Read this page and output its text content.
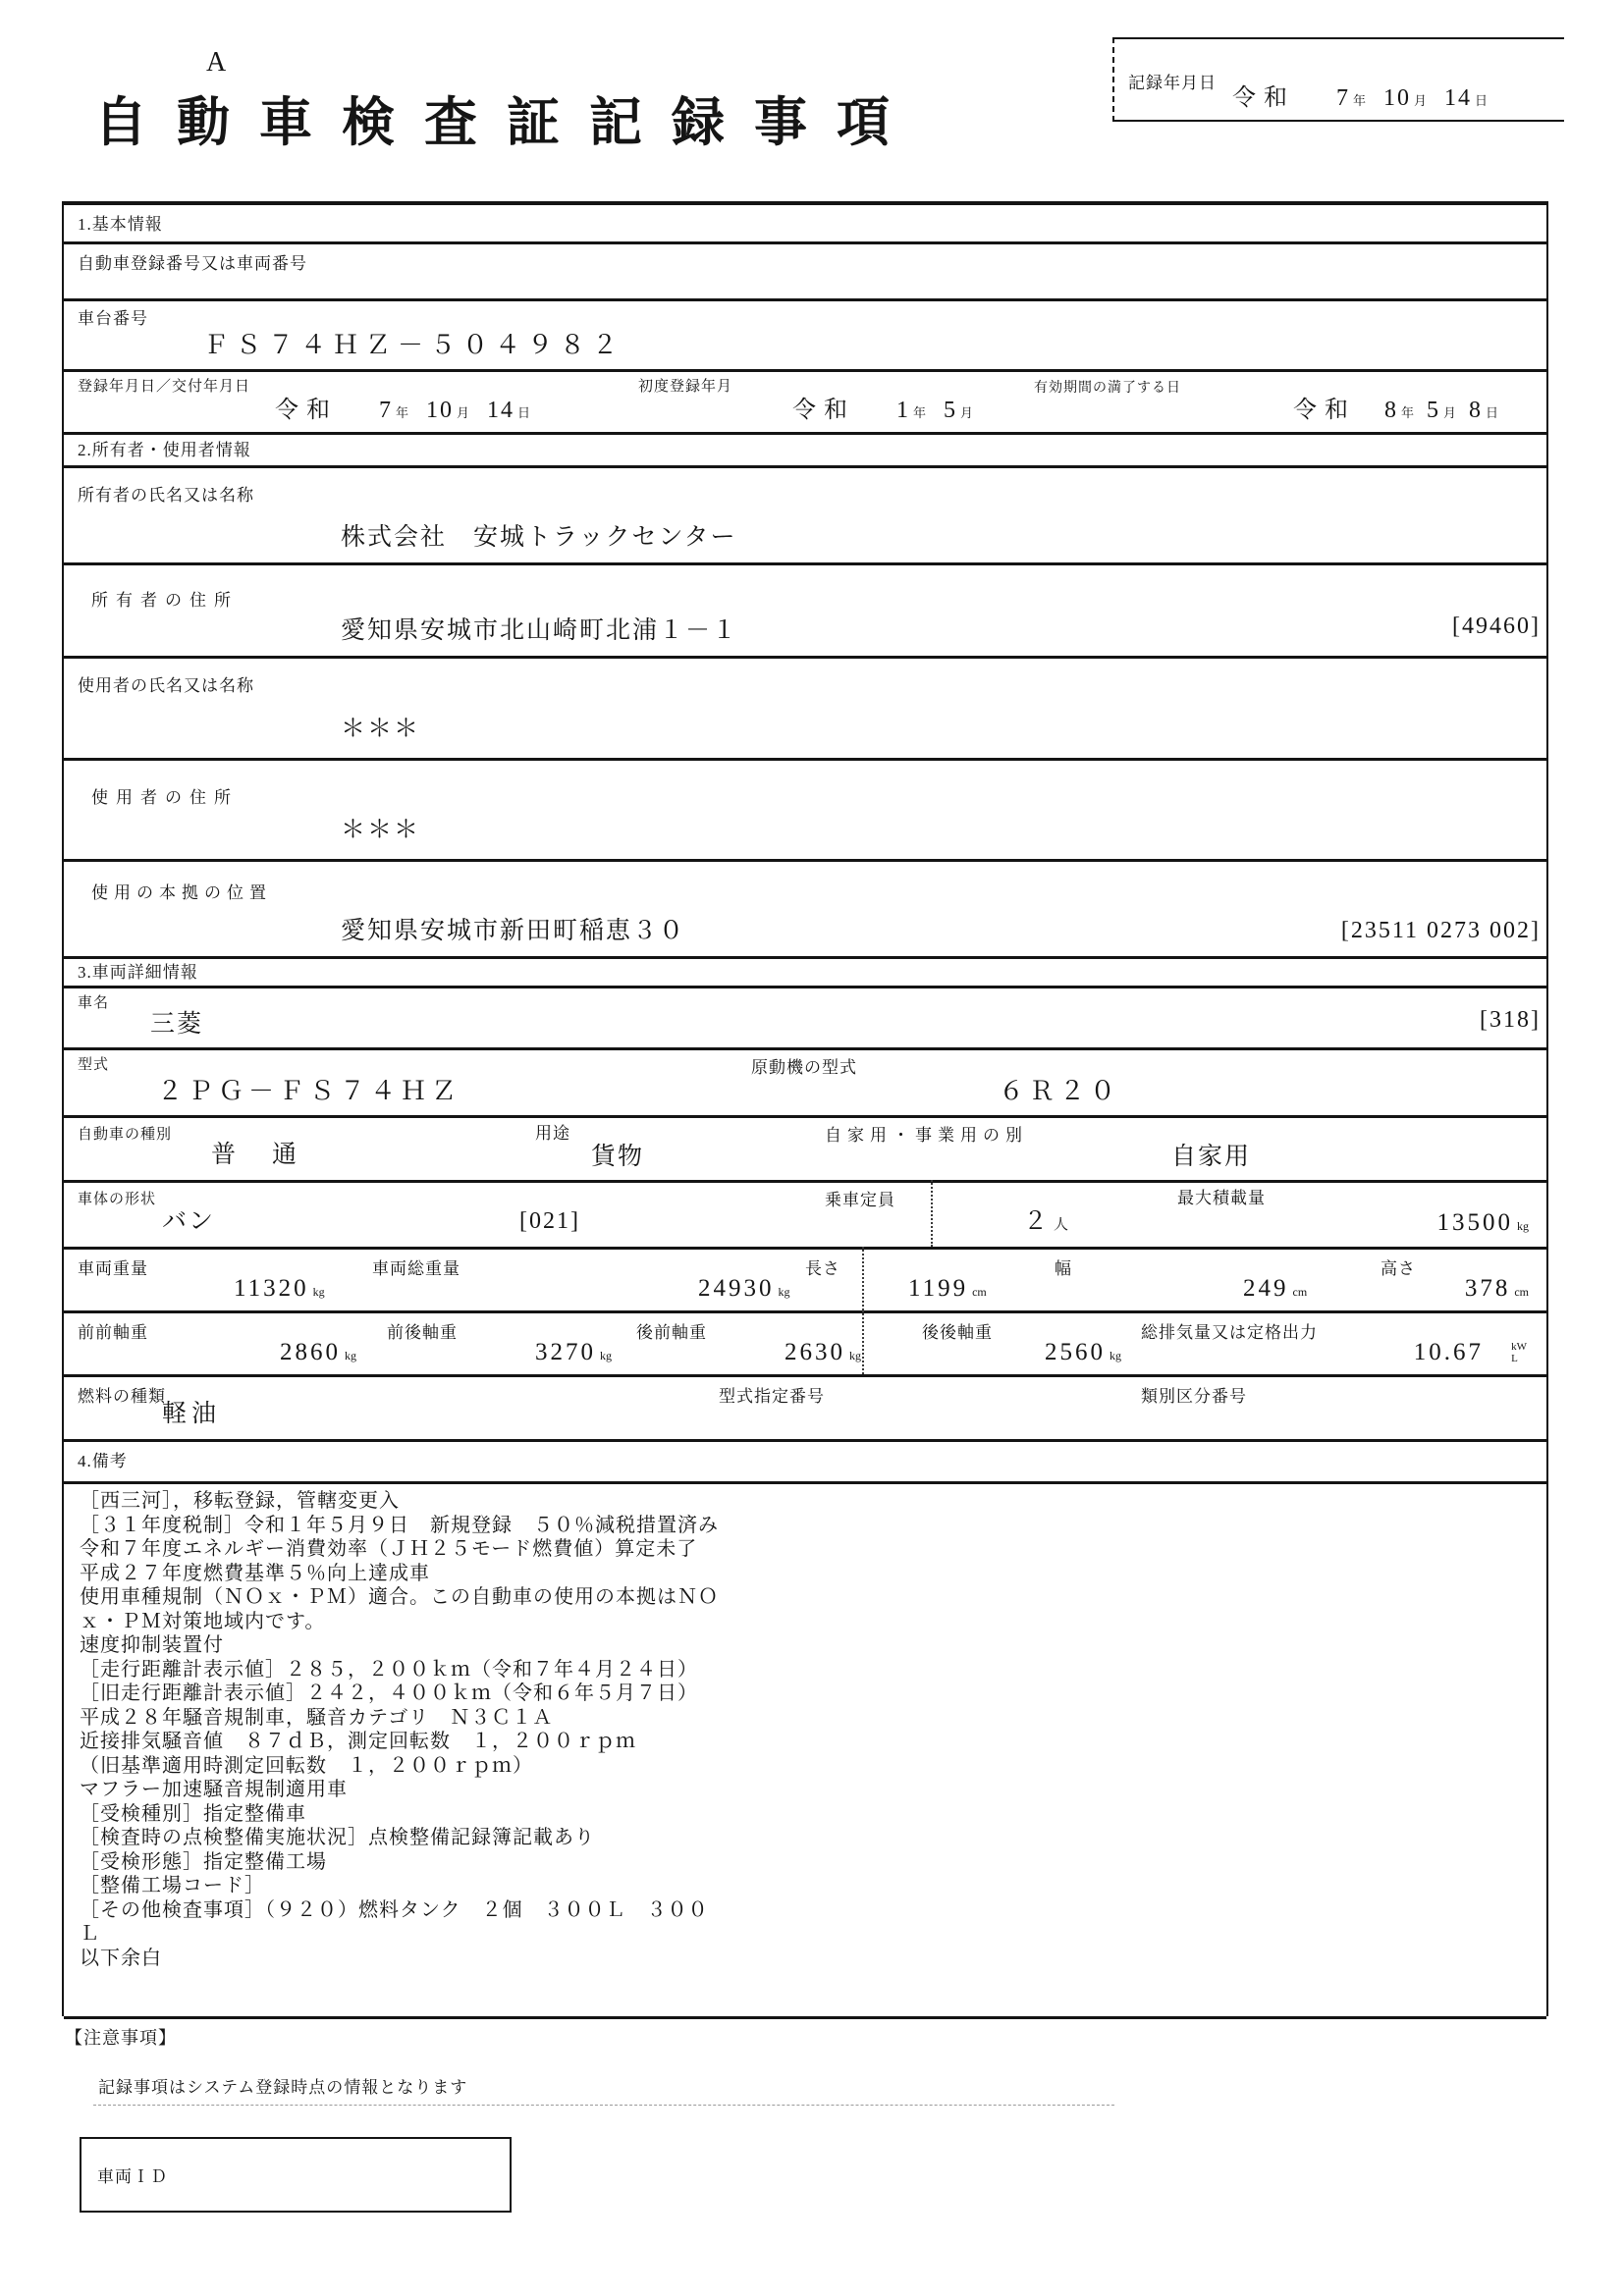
A
記録年月日
令和 7 年 10 月 14 日
自動車検査証記録事項
1.基本情報
自動車登録番号又は車両番号
車台番号
ＦＳ７４ＨＺ－５０４９８２
登録年月日／交付年月日
令和 7 年 10 月 14 日
初度登録年月
令和 1 年 5 月
有効期間の満了する日
令和 8 年 5 月 8 日
2.所有者・使用者情報
所有者の氏名又は名称
株式会社　安城トラックセンター
所有者の住所
愛知県安城市北山崎町北浦１－１	[49460]
使用者の氏名又は名称
＊＊＊
使用者の住所
＊＊＊
使用の本拠の位置
愛知県安城市新田町稲恵３０	[23511 0273 002]
3.車両詳細情報
車名
三菱	[318]
型式
２ＰＧ－ＦＳ７４ＨＺ
原動機の型式
６Ｒ２０
自動車の種別
普　通
用途
貨物
自家用・事業用の別
自家用
車体の形状
バン	[021]
乗車定員
２ 人
最大積載量
13500 kg
車両重量
11320 kg
車両総重量
24930 kg
長さ
1199 cm
幅
249 cm
高さ
378 cm
前前軸重
2860 kg
前後軸重
3270 kg
後前軸重
2630 kg
後後軸重
2560 kg
総排気量又は定格出力
10.67	kW
L
燃料の種類
軽油
型式指定番号	類別区分番号
4.備考
［西三河］，移転登録，管轄変更入
［３１年度税制］令和１年５月９日　新規登録　５０％減税措置済み
令和７年度エネルギー消費効率（ＪＨ２５モード燃費値）算定未了
平成２７年度燃費基準５％向上達成車
使用車種規制（ＮＯｘ・ＰＭ）適合。この自動車の使用の本拠はＮＯ
ｘ・ＰＭ対策地域内です。
速度抑制装置付
［走行距離計表示値］２８５，２００ｋｍ（令和７年４月２４日）
［旧走行距離計表示値］２４２，４００ｋｍ（令和６年５月７日）
平成２８年騒音規制車，騒音カテゴリ　Ｎ３Ｃ１Ａ
近接排気騒音値　８７ｄＢ，測定回転数　１，２００ｒｐｍ
（旧基準適用時測定回転数　１，２００ｒｐｍ）
マフラー加速騒音規制適用車
［受検種別］指定整備車
［検査時の点検整備実施状況］点検整備記録簿記載あり
［受検形態］指定整備工場
［整備工場コード］
［その他検査事項］（９２０）燃料タンク　２個　３００Ｌ　３００
Ｌ
以下余白
【注意事項】
記録事項はシステム登録時点の情報となります
車両ＩＤ
